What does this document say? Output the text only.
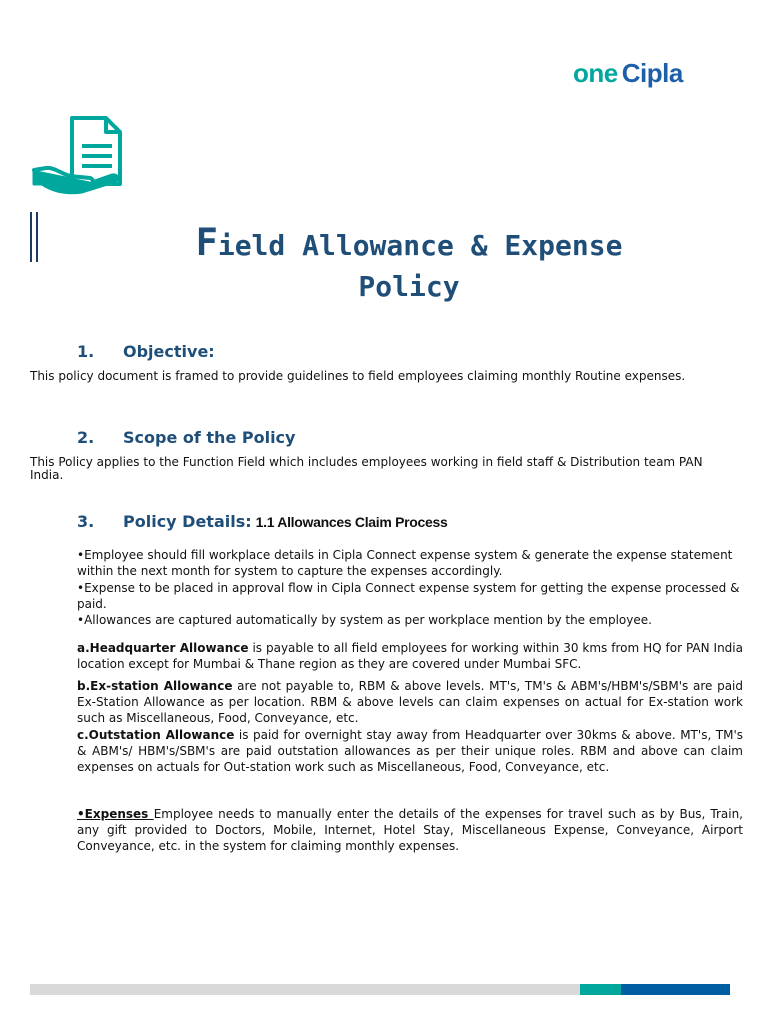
one Cipla
Field Allowance & Expense
Policy
1. Objective:

This policy document is framed to provide guidelines to field employees claiming monthly Routine expenses.

2. Scope of the Policy

This Policy applies to the Function Field which includes employees working in field staff & Distribution team PAN India.

3. Policy Details: 1.1 Allowances Claim Process

•Employee should fill workplace details in Cipla Connect expense system & generate the expense statement within the next month for system to capture the expenses accordingly.

•Expense to be placed in approval flow in Cipla Connect expense system for getting the expense processed & paid.

•Allowances are captured automatically by system as per workplace mention by the employee.

a.Headquarter Allowance is payable to all field employees for working within 30 kms from HQ for PAN India location except for Mumbai & Thane region as they are covered under Mumbai SFC.

b.Ex-station Allowance are not payable to, RBM & above levels. MT's, TM's & ABM's/HBM's/SBM's are paid Ex-Station Allowance as per location. RBM & above levels can claim expenses on actual for Ex-station work such as Miscellaneous, Food, Conveyance, etc.

c.Outstation Allowance is paid for overnight stay away from Headquarter over 30kms & above. MT's, TM's & ABM's/ HBM's/SBM's are paid outstation allowances as per their unique roles. RBM and above can claim expenses on actuals for Out-station work such as Miscellaneous, Food, Conveyance, etc.

•Expenses Employee needs to manually enter the details of the expenses for travel such as by Bus, Train, any gift provided to Doctors, Mobile, Internet, Hotel Stay, Miscellaneous Expense, Conveyance, Airport Conveyance, etc. in the system for claiming monthly expenses.
